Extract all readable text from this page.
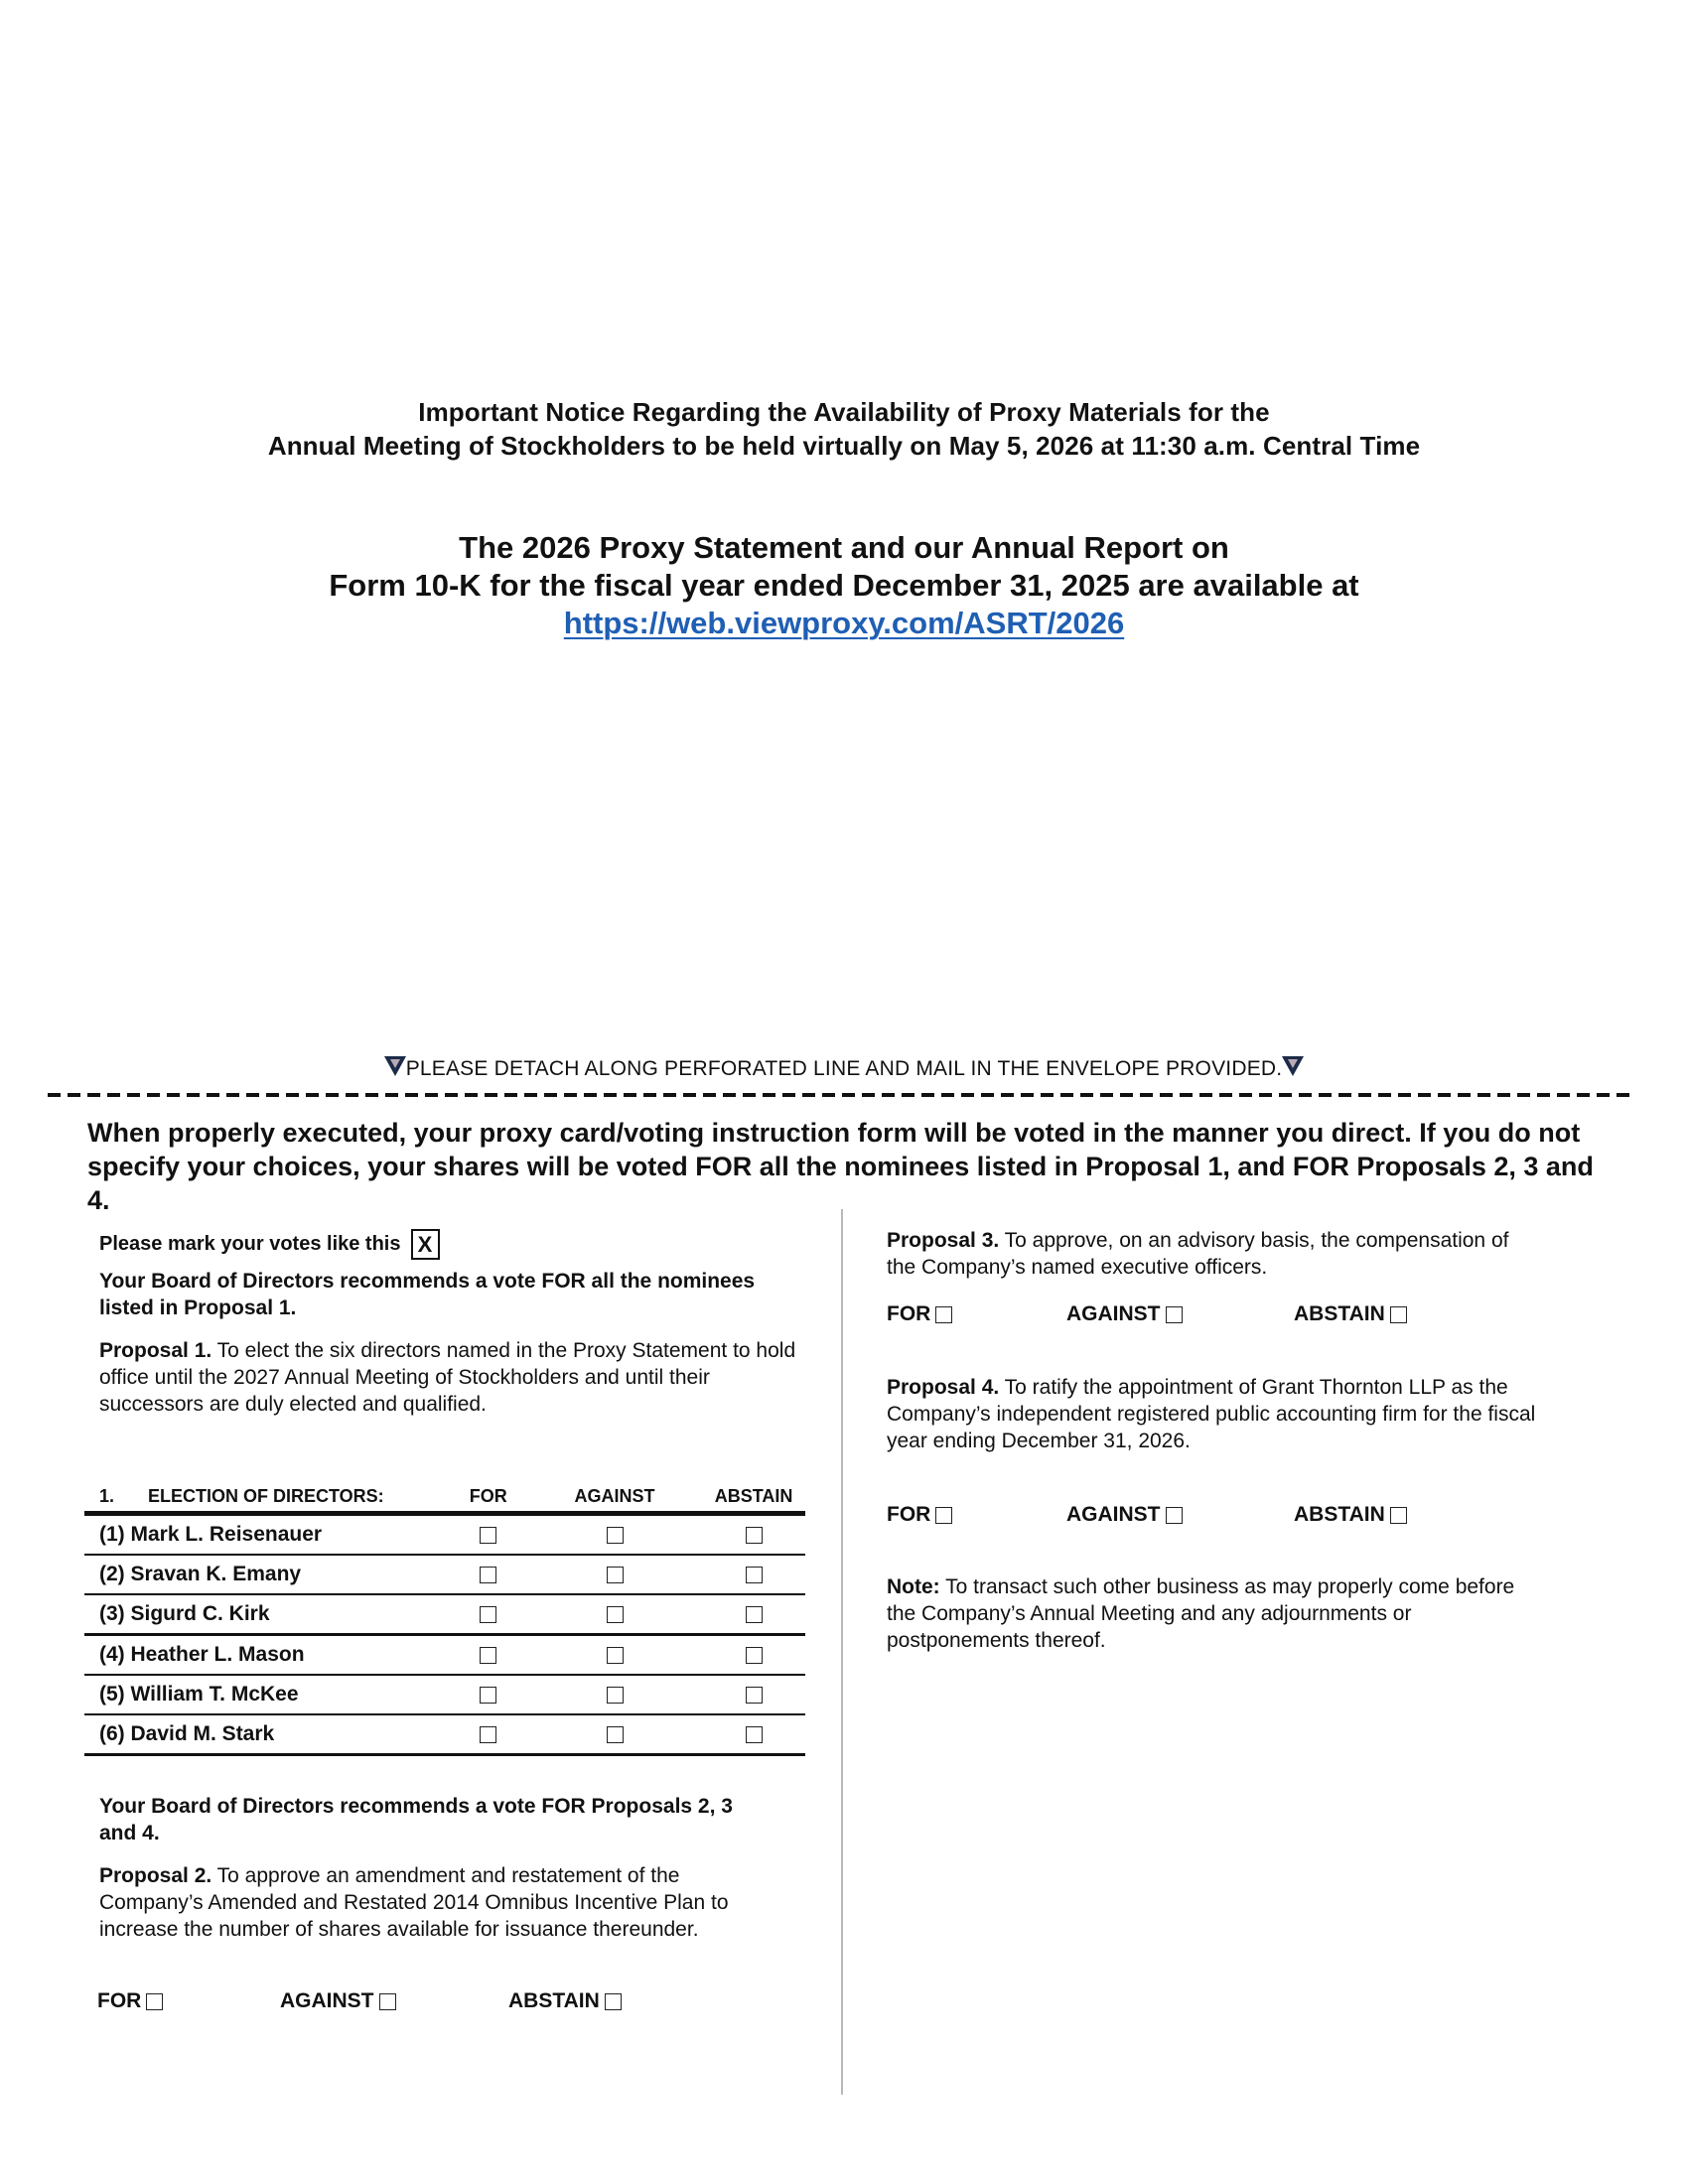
Important Notice Regarding the Availability of Proxy Materials for the
Annual Meeting of Stockholders to be held virtually on May 5, 2026 at 11:30 a.m. Central Time
The 2026 Proxy Statement and our Annual Report on
Form 10-K for the fiscal year ended December 31, 2025 are available at
https://web.viewproxy.com/ASRT/2026
PLEASE DETACH ALONG PERFORATED LINE AND MAIL IN THE ENVELOPE PROVIDED.
When properly executed, your proxy card/voting instruction form will be voted in the manner you direct. If you do not specify your choices, your shares will be voted FOR all the nominees listed in Proposal 1, and FOR Proposals 2, 3 and 4.
Please mark your votes like this X
Your Board of Directors recommends a vote FOR all the nominees listed in Proposal 1.
Proposal 1. To elect the six directors named in the Proxy Statement to hold office until the 2027 Annual Meeting of Stockholders and until their successors are duly elected and qualified.
1.	ELECTION OF DIRECTORS:	FOR	AGAINST	ABSTAIN
(1) Mark L. Reisenauer
(2) Sravan K. Emany
(3) Sigurd C. Kirk
(4) Heather L. Mason
(5) William T. McKee
(6) David M. Stark
Your Board of Directors recommends a vote FOR Proposals 2, 3 and 4.
Proposal 2. To approve an amendment and restatement of the Company’s Amended and Restated 2014 Omnibus Incentive Plan to increase the number of shares available for issuance thereunder.
FOR	AGAINST	ABSTAIN
Proposal 3. To approve, on an advisory basis, the compensation of the Company’s named executive officers.
FOR	AGAINST	ABSTAIN
Proposal 4. To ratify the appointment of Grant Thornton LLP as the Company’s independent registered public accounting firm for the fiscal year ending December 31, 2026.
FOR	AGAINST	ABSTAIN
Note: To transact such other business as may properly come before the Company’s Annual Meeting and any adjournments or postponements thereof.
